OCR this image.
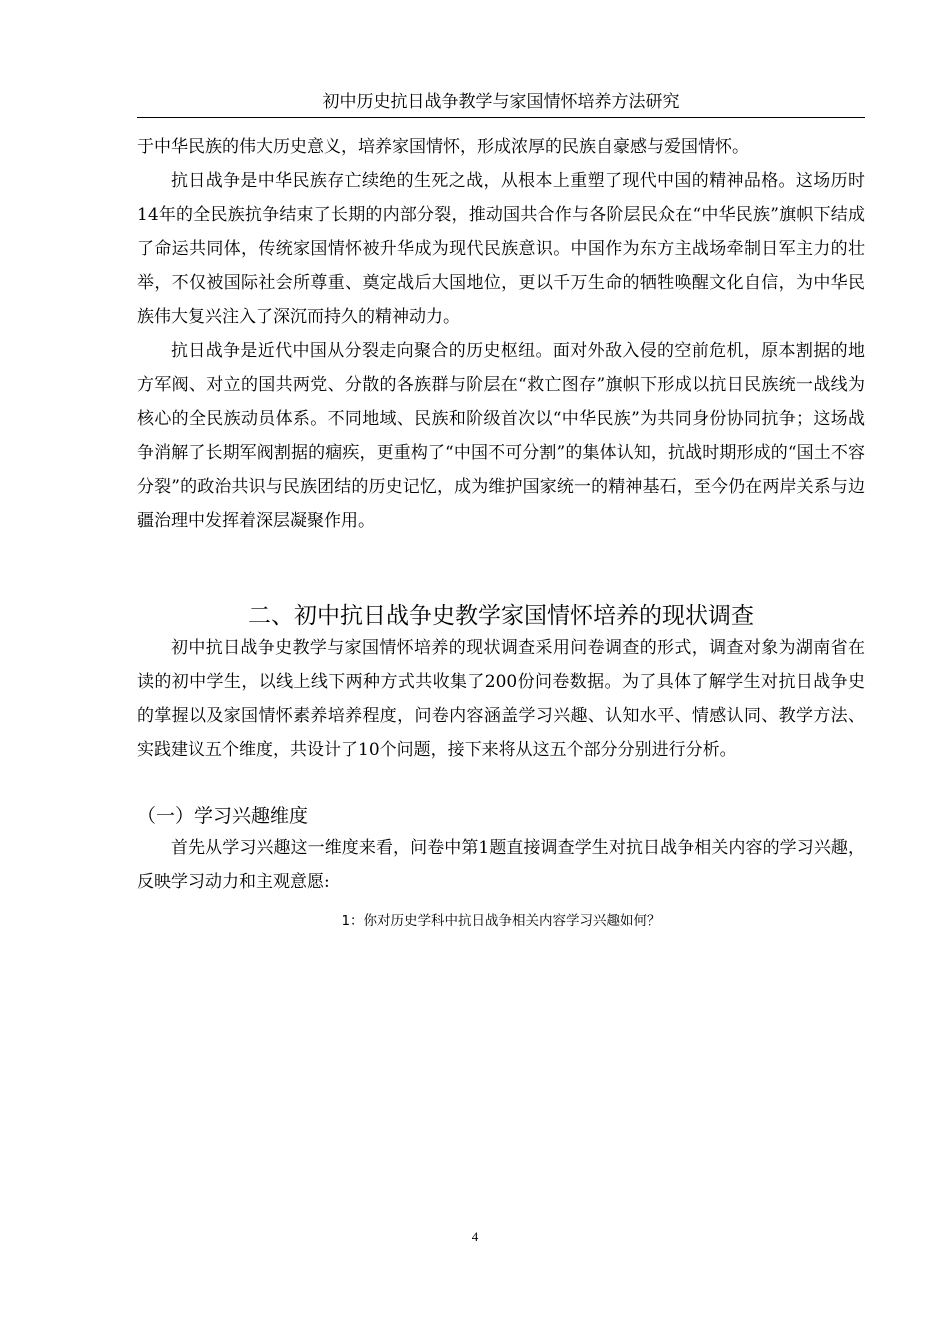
初中历史抗日战争教学与家国情怀培养方法研究

于中华民族的伟大历史意义，培养家国情怀，形成浓厚的民族自豪感与爱国情怀。

抗日战争是中华民族存亡续绝的生死之战，从根本上重塑了现代中国的精神品格。这场历时14年的全民族抗争结束了长期的内部分裂，推动国共合作与各阶层民众在“中华民族”旗帜下结成了命运共同体，传统家国情怀被升华成为现代民族意识。中国作为东方主战场牵制日军主力的壮举，不仅被国际社会所尊重、奠定战后大国地位，更以千万生命的牺牲唤醒文化自信，为中华民族伟大复兴注入了深沉而持久的精神动力。

抗日战争是近代中国从分裂走向聚合的历史枢纽。面对外敌入侵的空前危机，原本割据的地方军阀、对立的国共两党、分散的各族群与阶层在“救亡图存”旗帜下形成以抗日民族统一战线为核心的全民族动员体系。不同地域、民族和阶级首次以“中华民族”为共同身份协同抗争；这场战争消解了长期军阀割据的痼疾，更重构了“中国不可分割”的集体认知，抗战时期形成的“国土不容分裂”的政治共识与民族团结的历史记忆，成为维护国家统一的精神基石，至今仍在两岸关系与边疆治理中发挥着深层凝聚作用。

二、初中抗日战争史教学家国情怀培养的现状调查

初中抗日战争史教学与家国情怀培养的现状调查采用问卷调查的形式，调查对象为湖南省在读的初中学生，以线上线下两种方式共收集了200份问卷数据。为了具体了解学生对抗日战争史的掌握以及家国情怀素养培养程度，问卷内容涵盖学习兴趣、认知水平、情感认同、教学方法、实践建议五个维度，共设计了10个问题，接下来将从这五个部分分别进行分析。

（一）学习兴趣维度

首先从学习兴趣这一维度来看，问卷中第1题直接调查学生对抗日战争相关内容的学习兴趣，反映学习动力和主观意愿:

1：你对历史学科中抗日战争相关内容学习兴趣如何？
4
